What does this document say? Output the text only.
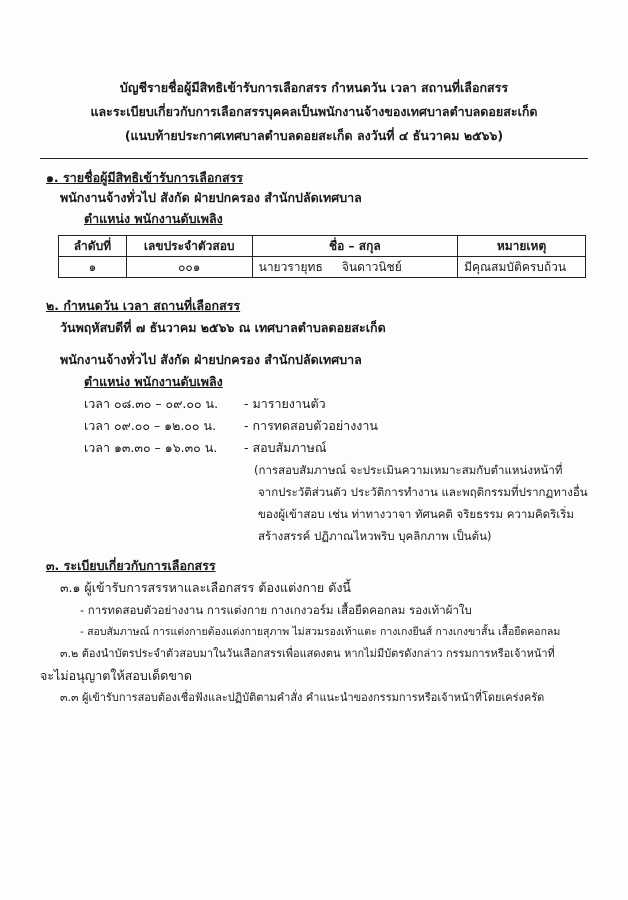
บัญชีรายชื่อผู้มีสิทธิเข้ารับการเลือกสรร กำหนดวัน เวลา สถานที่เลือกสรร
และระเบียบเกี่ยวกับการเลือกสรรบุคคลเป็นพนักงานจ้างของเทศบาลตำบลดอยสะเก็ด
(แนบท้ายประกาศเทศบาลตำบลดอยสะเก็ด ลงวันที่ ๔ ธันวาคม ๒๕๖๖)
๑. รายชื่อผู้มีสิทธิเข้ารับการเลือกสรร
พนักงานจ้างทั่วไป สังกัด ฝ่ายปกครอง สำนักปลัดเทศบาล
ตำแหน่ง พนักงานดับเพลิง
ลำดับที่	เลขประจำตัวสอบ	ชื่อ – สกุล	หมายเหตุ
๑	๐๐๑	นายวรายุทธ     จินดาวนิชย์	มีคุณสมบัติครบถ้วน
๒. กำหนดวัน เวลา สถานที่เลือกสรร
วันพฤหัสบดีที่ ๗ ธันวาคม ๒๕๖๖ ณ เทศบาลตำบลดอยสะเก็ด
พนักงานจ้างทั่วไป สังกัด ฝ่ายปกครอง สำนักปลัดเทศบาล
ตำแหน่ง พนักงานดับเพลิง
เวลา ๐๘.๓๐ – ๐๙.๐๐ น. - มารายงานตัว
เวลา ๐๙.๐๐ – ๑๒.๐๐ น. - การทดสอบตัวอย่างงาน
เวลา ๑๓.๓๐ – ๑๖.๓๐ น. - สอบสัมภาษณ์
(การสอบสัมภาษณ์ จะประเมินความเหมาะสมกับตำแหน่งหน้าที่
จากประวัติส่วนตัว ประวัติการทำงาน และพฤติกรรมที่ปรากฏทางอื่น
ของผู้เข้าสอบ เช่น ท่าทางวาจา ทัศนคติ จริยธรรม ความคิดริเริ่ม
สร้างสรรค์ ปฏิภาณไหวพริบ บุคลิกภาพ เป็นต้น)
๓. ระเบียบเกี่ยวกับการเลือกสรร
๓.๑ ผู้เข้ารับการสรรหาและเลือกสรร ต้องแต่งกาย ดังนี้
- การทดสอบตัวอย่างงาน การแต่งกาย กางเกงวอร์ม เสื้อยืดคอกลม รองเท้าผ้าใบ
- สอบสัมภาษณ์ การแต่งกายต้องแต่งกายสุภาพ ไม่สวมรองเท้าแตะ กางเกงยีนส์ กางเกงขาสั้น เสื้อยืดคอกลม
๓.๒ ต้องนำบัตรประจำตัวสอบมาในวันเลือกสรรเพื่อแสดงตน หากไม่มีบัตรดังกล่าว กรรมการหรือเจ้าหน้าที่
จะไม่อนุญาตให้สอบเด็ดขาด
๓.๓ ผู้เข้ารับการสอบต้องเชื่อฟังและปฏิบัติตามคำสั่ง คำแนะนำของกรรมการหรือเจ้าหน้าที่โดยเคร่งครัด
